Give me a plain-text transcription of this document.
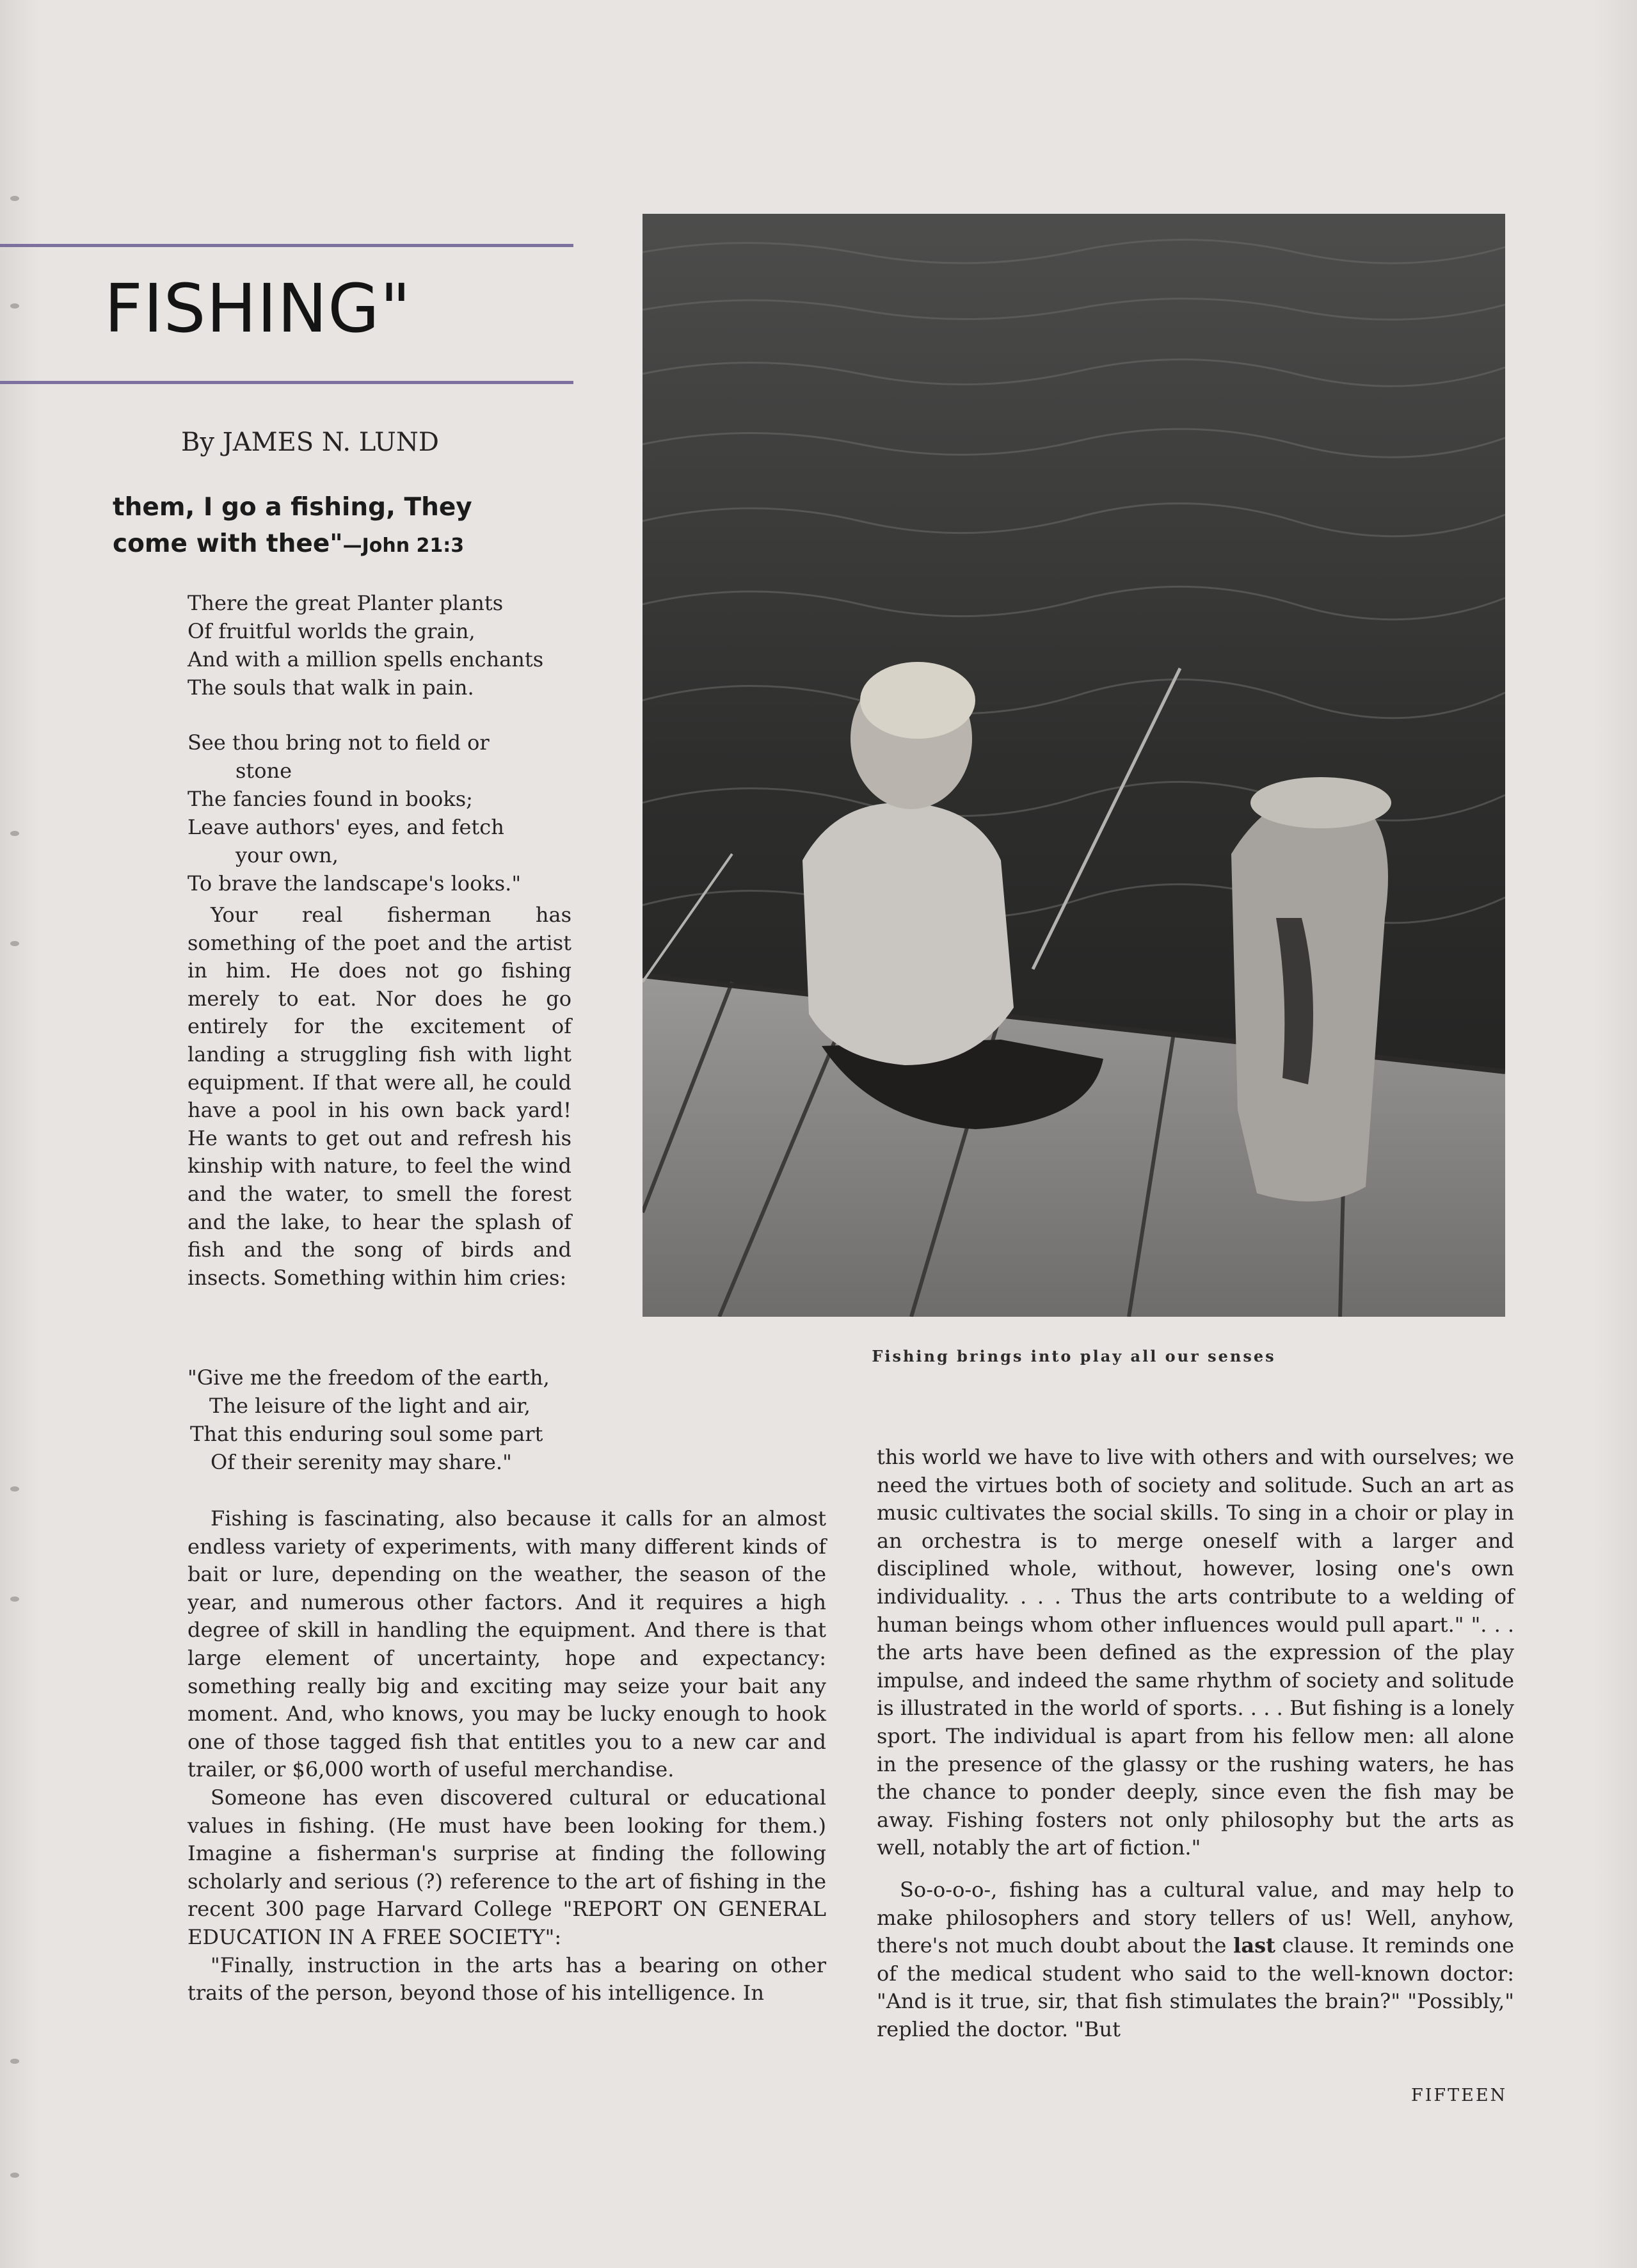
FISHING"

By JAMES N. LUND

them, I go a fishing, They
come with thee"—John 21:3
There the great Planter plants
Of fruitful worlds the grain,
And with a million spells enchants
The souls that walk in pain.
See thou bring not to field or
stone
The fancies found in books;
Leave authors' eyes, and fetch
your own,
To brave the landscape's looks."

Your real fisherman has something of the poet and the artist in him. He does not go fishing merely to eat. Nor does he go entirely for the excitement of landing a struggling fish with light equipment. If that were all, he could have a pool in his own back yard! He wants to get out and refresh his kinship with nature, to feel the wind and the water, to smell the forest and the lake, to hear the splash of fish and the song of birds and insects. Something within him cries:

"Give me the freedom of the earth,
The leisure of the light and air,
That this enduring soul some part
Of their serenity may share."

Fishing is fascinating, also because it calls for an almost endless variety of experiments, with many different kinds of bait or lure, depending on the weather, the season of the year, and numerous other factors. And it requires a high degree of skill in handling the equipment. And there is that large element of uncertainty, hope and expectancy: something really big and exciting may seize your bait any moment. And, who knows, you may be lucky enough to hook one of those tagged fish that entitles you to a new car and trailer, or $6,000 worth of useful merchandise.

Someone has even discovered cultural or educational values in fishing. (He must have been looking for them.) Imagine a fisherman's surprise at finding the following scholarly and serious (?) reference to the art of fishing in the recent 300 page Harvard College "REPORT ON GENERAL EDUCATION IN A FREE SOCIETY":

"Finally, instruction in the arts has a bearing on other traits of the person, beyond those of his intelligence. In

this world we have to live with others and with ourselves; we need the virtues both of society and solitude. Such an art as music cultivates the social skills. To sing in a choir or play in an orchestra is to merge oneself with a larger and disciplined whole, without, however, losing one's own individuality. . . . Thus the arts contribute to a welding of human beings whom other influences would pull apart." ". . . the arts have been defined as the expression of the play impulse, and indeed the same rhythm of society and solitude is illustrated in the world of sports. . . . But fishing is a lonely sport. The individual is apart from his fellow men: all alone in the presence of the glassy or the rushing waters, he has the chance to ponder deeply, since even the fish may be away. Fishing fosters not only philosophy but the arts as well, notably the art of fiction."

So-o-o-o-, fishing has a cultural value, and may help to make philosophers and story tellers of us! Well, anyhow, there's not much doubt about the last clause. It reminds one of the medical student who said to the well-known doctor: "And is it true, sir, that fish stimulates the brain?" "Possibly," replied the doctor. "But

Fishing brings into play all our senses
FIFTEEN
